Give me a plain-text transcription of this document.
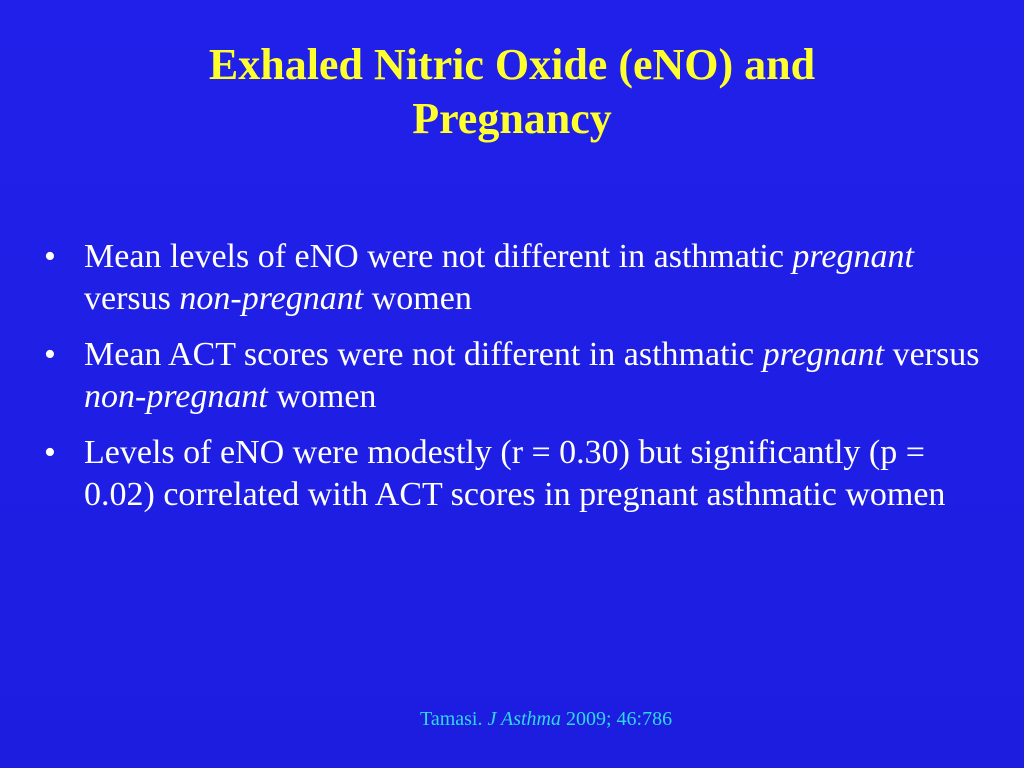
Exhaled Nitric Oxide (eNO) and
Pregnancy
• Mean levels of eNO were not different in asthmatic pregnant versus non-pregnant women
• Mean ACT scores were not different in asthmatic pregnant versus non-pregnant women
• Levels of eNO were modestly (r = 0.30) but significantly (p = 0.02) correlated with ACT scores in pregnant asthmatic women
Tamasi. J Asthma 2009; 46:786
